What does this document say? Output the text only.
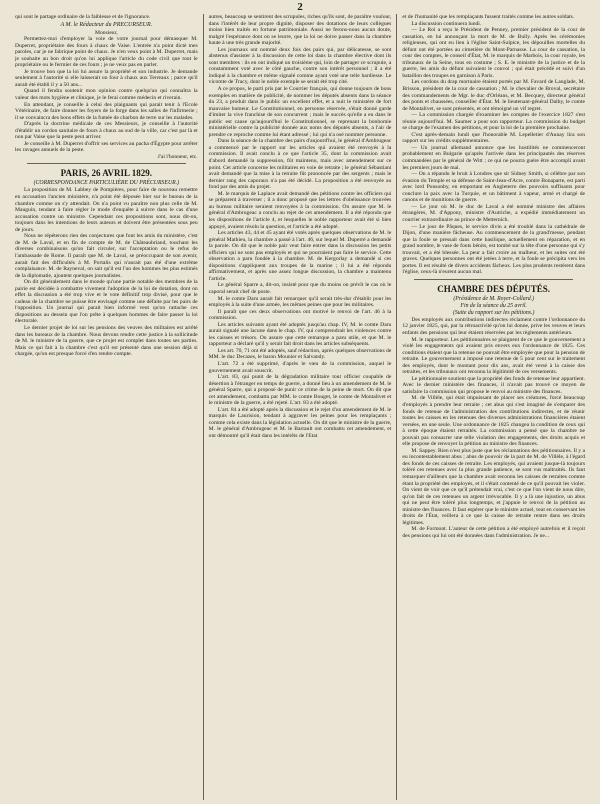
2

qui sont le partage ordinaire de la faiblesse et de l'ignorance.

A M. le Rédacteur du PRECURSEUR.

Monsieur,

Permettez-moi d'employer la voie de votre journal pour démasquer M. Duperret, propriétaire des fours à chaux de Vaise. L'entrée n'a point dicté mes paroles, car je ne fabrique point de chaux. Je n'en veux point à M. Duperret, mais je souhaite au bon droit qu'on lui applique l'article du code civil que tout le propriétaire ou le fermier de ces fours ; je ne veux pas en parler.

Je trouve bon que la loi lui assure la propriété et son industrie. Je demande seulement à l'autorité si elle laisserait un four à chaux aux Terreaux ; parce qu'il aurait été établi il y a 50 ans...

Quand il fendra soutenir mon opinion contre quelqu'un qui connaîtra la valeur des mots hygiène et clinique, je le ferai comme médecin et riverain.

En attendant, je conseille à celui des plaignants qui parait tenir à l'Ecole Vétérinaire, de faire donner les foyers de la forge dans les salles de l'infirmerie ; il se convaincra des bons effets de la fumée de charbon de terre sur les malades.

D'après la doctrine médicale de ces Messieurs, je conseille à l'autorité d'établir un cordon sanitaire de fours à chaux au sud de la ville, car c'est par là et non par Vaise que la peste peut arriver.

Je conseille à M. Duperret d'offrir ses services au pacha d'Égypte pour arrêter les ravages annuels de la peste.

J'ai l'honneur, etc.

PARIS, 26 AVRIL 1829.
(CORRESPONDANCE PARTICULIÈRE DU PRÉCURSEUR.)

La proposition de M. Labbey de Pompières, pour faire de nouveau remettre en accusation l'ancien ministère, n'a point été déposée hier sur le bureau de la chambre comme on s'y attendait. On n'a point vu paraître non plus celle de M. Mauguin, tendant à faire régler le mode d'enquête à suivre dans le cas d'une accusation contre un ministre. Cependant ces propositions sont, nous dit-on, toujours dans les intentions de leurs auteurs et doivent être présentées sous peu de jours.

Nous ne répéterons rien des conjectures que font les amis du ministère, c'est de M. de Laval, et en fin de compte de M. de Châteaubriand, touchant les diverses combinaisons qu'on fait circuler, sur l'acceptation ou le refus de l'ambassade de Rome. Il paraît que M. de Laval, se préoccupant de son avenir, aurait fait des difficultés à M. Portalis qui n'aurait pas été d'une extrême complaisance. M. de Rayneval, on sait qu'il est l'un des hommes les plus estimés de la diplomatie, ajoutent quelques journalistes.

On dit généralement dans le monde qu'une partie notable des membres de la pairie est décidée à combattre vivement l'adoption de la loi de dotation, dont on effet la discussion a été trop vive et le vote définitif trop divisé, pour que le cadeau de la chambre ne puisse être envisagé comme une défaite par les pairs de l'opposition. Un journal qui parait bien informé veut qu'on rattache ces dispositions au dessein que l'on prête à quelques hommes de faire passer la loi électorale.

Le dernier projet de loi sur les pensions des veuves des militaires est arrêté dans les bureaux de la chambre. Nous devons rendre cette justice à la sollicitude de M. le ministre de la guerre, que ce projet est complet dans toutes ses parties. Mais ce qui fait à la chambre c'est qu'il est présenté dans une session déjà si chargée, qu'on est presque forcé d'en rendre compte.

autres, beaucoup se sentirent des scrupules, riches qu'ils sont, de paraître voulour, dans l'intérêt de leur propre dignité, disposer des dotations de leurs collègues moins bien traités en fortune patrimoniale. Aussi ne ferons-nous aucun doute, malgré l'espérance dont on se leurre, que la loi ne doive passer dans la chambre haute à une très grande majorité.

Les journaux ont nommé deux fois des pairs qui, par délicatesse, se sont abstenus d'assister à la discussion de cette loi dans la chambre élective dont ils sont membres : ils en ont indiqué un troisième qui, loin de partager ce scrupule, a constamment voté avec le côté gauche, contre son intérêt personnel ; il a été indiqué à la chambre et même signalé comme ayant voté une telle hardiesse. Le vicomte de Tracy, dont le noble exemple se serait été trop cité.

A ce propos, le parti pris par le Courrier français, qui donne toujours de bons exemples en matière de publicité, de nommer les députés absents dans la séance du 23, a produit dans le public un excellent effet, et a nuit le ministère de fort mauvaise humeur. Le Constitutionnel, en personne réservée, s'était donné garde d'imiter la vive franchise de son concurrent ; mais le succès qu'elle a eu dans le public est cause qu'aujourd'hui le Constitutionnel, se reprenant la bonhomie ministérielle contre la publicité donnée aux noms des députés absents, a l'air de prendre ce reproche comme lui étant adressé ; lui qui n'a osé nommer personne.

Dans la séance de la chambre des pairs d'aujourd'hui, le général d'Ambrugeac a commencé par le rapport sur les articles qui avaient été renvoyés à la commission. Il avait conclu à ce que l'article 35, dont la commission avait d'abord demandé la suppression, fût maintenu, mais avec amendement sur ce point. Cet article concerne les militaires en voie de retraite ; le général Sébastiani avait demandé que la mise à la retraite fût prononcée par des sergents ; mais le dernier rang des caporaux n'a pas été décidé. La proposition a été renvoyée au fond par des amis du projet.

M. le marquis de Laplace avait demandé des pétitions contre les officiers qui se préparent à traverser ; il a donc proposé que les lettres d'obéissance trouvées au bureau militaire seraient renvoyées à la commission. On assure que M. le général d'Ambrugeac a conclu au rejet de cet amendement. Il a été répondu que les dispositions de l'article 4, et lesquelles le noble rapporteur avait été si bien appuyé, avaient résolu la question, et l'article a été adopté.

Les articles 43, 44 et 45 ayant été votés après quelques observations de M. le général Mathieu, la chambre a passé à l'art. 46, sur lequel M. Duperré a demandé la parole. On dit que le noble pair veut faire entrer dans la discussion les petits officiers qui ne sont pas employés et qui ne pourraient pas faire le service. Cette observation a paru fondée à la chambre. M. de Kergorlay a demandé si ces dispositions s'appliquent aux troupes de la marine ; il lui a été répondu affirmativement, et après une assez longue discussion, la chambre a maintenu l'article.

Le général Sparre a, dit-on, insisté pour que du moins on prévît le cas où le caporal serait chef de poste.

M. le comte Daru aurait fait remarquer qu'il serait très-dur d'établir pour les employés à la suite d'une armée, les mêmes peines que pour les militaires.

Il paraît que ces deux observations ont motivé le renvoi de l'art. 46 à la commission.

Les articles suivants ayant été adoptés jusqu'au chap. IV, M. le comte Daru aurait signalé une lacune dans le chap. IV, qui comprendrait les violences contre les caisses et trésors. On assure que cette remarque a paru utile, et que M. le rapporteur a déclaré qu'il y serait fait droit dans les articles subséquents.

Les art. 70, 71 ont été adoptés, sauf rédaction, après quelques observations de MM. le duc Decazes, le baron Mounier et Salvandy.

L'art. 72 a été supprimé, d'après le vœu de la commission, auquel le gouvernement avait souscrit.

L'art. 83, qui punit de la dégradation militaire tout officier coupable de désertion à l'étranger en temps de guerre, a donné lieu à un amendement de M. le général Sparre, qui a proposé de punir ce crime de la peine de mort. On dit que cet amendement, combattu par MM. le comte Bouget, le comte de Montalivet et le ministre de la guerre, a été rejeté. L'art. 83 a été adopté.

L'art. 84 a été adopté après la discussion et le rejet d'un amendement de M. le marquis de Laurision, tendant à aggraver les peines pour les remplaçants ; comme cela existe dans la législation actuelle. On dit que le ministre de la guerre, M. le général d'Ambrugeac et M. le Barrault ont combattu cet amendement, et ont démontré qu'il était dans les intérêts de l'Etat

et de l'humanité que les remplaçants fussent traités comme les autres soldats.

La discussion continuera lundi.

— Le Roi a reçu le Président de Penney, premier président de la cour de cassation, en lui annonçant la mort de M. de Bully. Après les cérémonies religieuses, qui ont eu lieu à l'église Saint-Sulpice, les dépouilles mortelles du défunt ont été portées au cimetière du Mont-Parnasse. La cour de cassation, la cour des comptes, le conseil d'État, M. le marquis de Marbois, la cour royale, les tribunaux de la Seine, tous en costume ; S. E. le ministre de la justice et de la guerre, les amis du défunt suivaient le convoi ; qui était précédé et suivi d'un bataillon des troupes en garnison à Paris.

Les cordons du drap mortuaire étaient portés par M. Favard de Langlade, M. Brisson, président de la cour de cassation ; M. le chevalier de Broval, secrétaire des commandements de Mgr. le duc d'Orléans, et M. Becquey, directeur général des ponts et chaussées, conseiller d'État. M. le lieutenant-général Dalby, le comte de Montalivet, se sont présentés, et ont témoigné un vif regret.

— La commission chargée d'examiner les comptes de l'exercice 1827 s'est réunie aujourd'hui. M. Saumer a pour son rapporteur. La commission du budget se charge de l'examen des pétitions, et pour la loi de la première prochaine.

C'est après-demain lundi que l'honorable M. Lepelletier d'Aunay lira son rapport sur les crédits supplémentaires.

— Un journal allemand annonce que les hostilités ne commenceront probablement en Bulgarie qu'après l'arrivée dans les principautés des réserves commandées par le général de Witt ; ce qui ne pourra guère être accompli avant les premiers jours de mai.

— On a répandu le bruit à Londres que sir Sidney Smith, si célèbre par son évasion du Temple et sa défense de Saint-Jean-d'Acre, contre Bonaparte, est parti avec lord Ponsonby, en emportant en Angleterre des pouvoirs suffisants pour conclure la paix avec la Turquie, et un bâtiment à vapeur, armé et chargé de canons et de munitions de guerre.

— Le jour où M. le duc de Laval a été nommé ministre des affaires étrangères, M. d'Appony, ministre d'Autriche, a expédié immédiatement un courrier extraordinaire au prince de Metternich.

— Le jour de Pâques, le service divin a été troublé dans la cathédrale de Dijon, d'une manière fâcheuse. Au commencement de la grand'messe, pendant que la foule se pressait dans cette basilique, actuellement en réparation, et en grand nombre, le vase de fonts bénits, est tombé sur la tête d'une personne qui s'y trouvait, et a été blessée. La peur a fait croire au malheur, et les suites ont été graves. Quelques personnes ont été jetées à terre, et la foule se précipita vers les portes. Il est résulté de divers accidents fâcheux. Les plus prudents restèrent dans l'église, ceux-là n'eurent aucun mal.

CHAMBRE DES DÉPUTÉS.
(Présidence de M. Royer-Collard.)
Fin de la séance du 25 avril.
(Suite du rapport sur les pétitions.)

Des employés aux contributions indirectes réclament contre l'ordonnance du 12 janvier 1825, qui, par la rétroactivité qu'on lui donne, prive les veuves et leurs enfants des pensions qui leur étaient réservées par les règlements antérieurs.

M. le rapporteur. Les pétitionnaires se plaignent de ce que le gouvernement a violé les engagements qui avaient pris envers eux l'ordonnance de 1825. Ces conditions étaient que la retenue ne pouvait être employée que pour la pension de retraite. Le gouvernement a imposé une retenue de 5 pour cent sur le traitement des employés, dont le montant pour dix ans, avait été versé à la caisse des retraites, et les tribunaux ont reconnu la légitimité de ces versements.

Le pétitionnaire soutient que la propriété des fonds de retenue leur appartient. Avec le dernier ministère des finances, il n'avait pas trouvé ce moyen de satisfaire la commission qui propose le renvoi au ministre des finances.

M. de Villèle, qui était impuissant de placer ses créatures, forcé beaucoup d'employés à prendre leur retraite ; cet abus qui s'est imaginé de s'emparer des fonds de retenue de l'administration des contributions indirectes, et de réunir toutes les caisses en les retenues des diverses administrations financières étaient versées, en une seule. Une ordonnance de 1825 changea la condition de ceux qui à cette époque étaient retraités. La commission a pensé que la chambre ne pouvait pas consacrer une telle violation des engagements, des droits acquis et elle propose de renvoyer la pétition au ministre des finances.

M. Sappey. Rien n'est plus juste que les réclamations des pétitionnaires. Il y a eu incontestablement abus ; abus de pouvoir de la part de M. de Villèle, à l'égard des fonds de ces caisses de retraite. Les employés, qui avaient jusque-là toujours toléré ces retenues avec la plus grande patience, se sont vus maltraités. Ils faut remarquer d'ailleurs que la chambre avait reconnu les caisses de retraites comme étant la propriété des employés, et il s'était contenté de ce qu'il pouvait les violer. On vient de voir que ce qu'il prétendait vrai, c'est ce que l'on vient de nous dire, qu'on fait de ces retenues un argent irrévocable. Il y a là une injustice, un abus qui ne peut être toléré plus longtemps, et j'appuie le renvoi de la pétition au ministre des finances. Il faut espérer que le ministre actuel, tout en conservant les droits de l'État, veillera à ce que la caisse de retraite rentre dans ses droits légitimes.

M. de Formont. L'auteur de cette pétition a été employé autrefois et il reçoit des pensions qui lui ont été données dans l'administration. Je ne...
